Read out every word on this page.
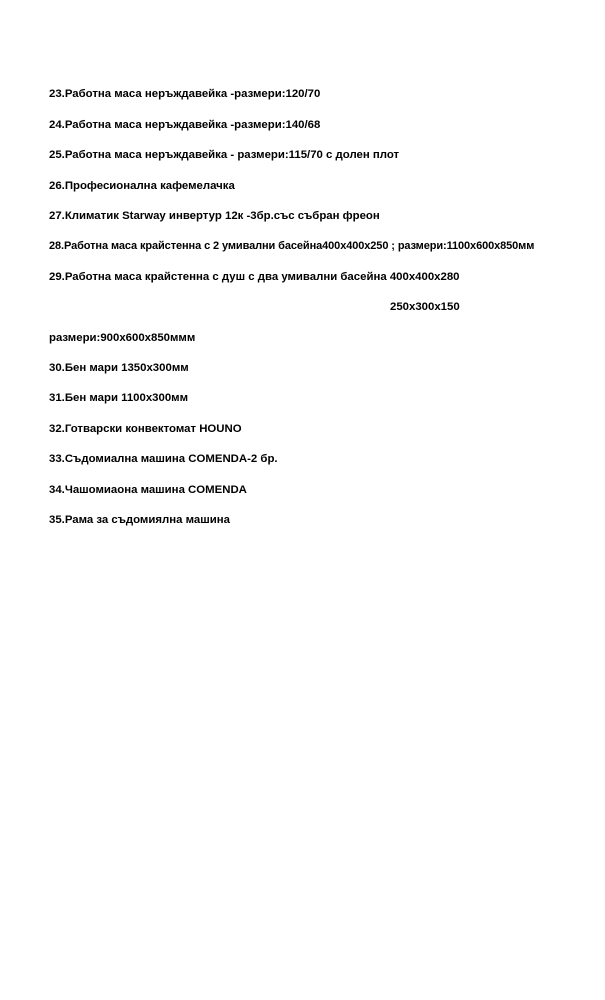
23.Работна маса неръждавейка -размери:120/70
24.Работна маса неръждавейка -размери:140/68
25.Работна маса неръждавейка - размери:115/70 с долен плот
26.Професионална кафемелачка
27.Климатик Starway инвертур 12к -3бр.със събран фреон
28.Работна маса крайстенна с 2 умивални басейна400x400x250 ; размери:1100x600x850мм
29.Работна маса крайстенна с душ с два умивални басейна 400x400x280
250x300x150
размери:900x600x850ммм
30.Бен мари 1350x300мм
31.Бен мари 1100x300мм
32.Готварски конвектомат HOUNO
33.Съдомиална машина COMENDA-2 бр.
34.Чашомиаона машина COMENDA
35.Рама за съдомиялна машина
